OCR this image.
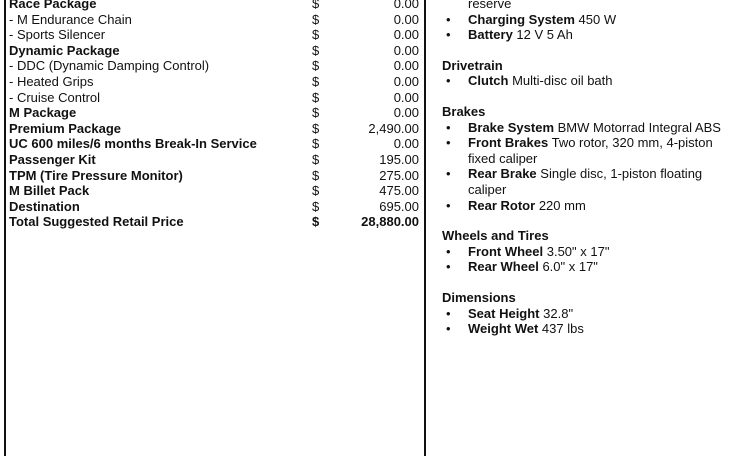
Race Package	$	0.00
- M Endurance Chain	$	0.00
- Sports Silencer	$	0.00
Dynamic Package	$	0.00
- DDC (Dynamic Damping Control)	$	0.00
- Heated Grips	$	0.00
- Cruise Control	$	0.00
M Package	$	0.00
Premium Package	$	2,490.00
UC 600 miles/6 months Break-In Service	$	0.00
Passenger Kit	$	195.00
TPM (Tire Pressure Monitor)	$	275.00
M Billet Pack	$	475.00
Destination	$	695.00
Total Suggested Retail Price	$	28,880.00
reserve
• Charging System 450 W
• Battery 12 V 5 Ah
Drivetrain
• Clutch Multi-disc oil bath
Brakes
• Brake System BMW Motorrad Integral ABS
• Front Brakes Two rotor, 320 mm, 4-piston
fixed caliper
• Rear Brake Single disc, 1-piston floating
caliper
• Rear Rotor 220 mm
Wheels and Tires
• Front Wheel 3.50" x 17"
• Rear Wheel 6.0" x 17"
Dimensions
• Seat Height 32.8"
• Weight Wet 437 lbs
